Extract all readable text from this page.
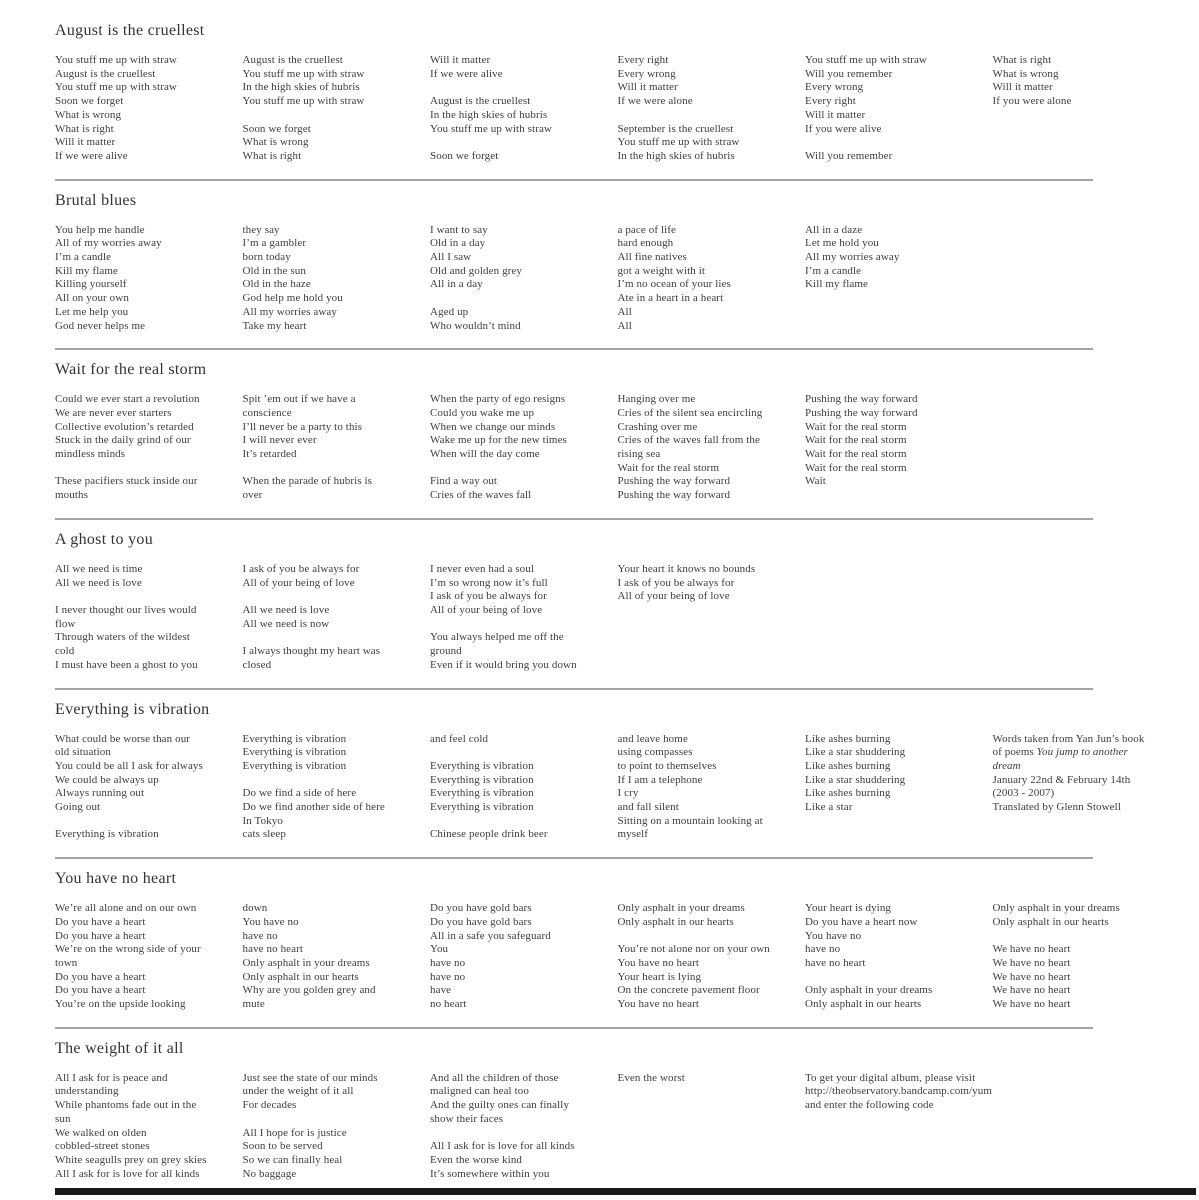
August is the cruellest
You stuff me up with straw
August is the cruellest
You stuff me up with straw
Soon we forget
What is wrong
What is right
Will it matter
If we were alive
August is the cruellest
You stuff me up with straw
In the high skies of hubris
You stuff me up with straw
Soon we forget
What is wrong
What is right
Will it matter
If we were alive
August is the cruellest
In the high skies of hubris
You stuff me up with straw
Soon we forget
Every right
Every wrong
Will it matter
If we were alone
September is the cruellest
You stuff me up with straw
In the high skies of hubris
You stuff me up with straw
Will you remember
Every wrong
Every right
Will it matter
If you were alive
Will you remember
What is right
What is wrong
Will it matter
If you were alone
Brutal blues
You help me handle
All of my worries away
I’m a candle
Kill my flame
Killing yourself
All on your own
Let me help you
God never helps me
they say
I’m a gambler
born today
Old in the sun
Old in the haze
God help me hold you
All my worries away
Take my heart
I want to say
Old in a day
All I saw
Old and golden grey
All in a day
Aged up
Who wouldn’t mind
a pace of life
hard enough
All fine natives
got a weight with it
I’m no ocean of your lies
Ate in a heart in a heart
All
All
All in a daze
Let me hold you
All my worries away
I’m a candle
Kill my flame
Wait for the real storm
Could we ever start a revolution
We are never ever starters
Collective evolution’s retarded
Stuck in the daily grind of our
mindless minds
These pacifiers stuck inside our
mouths
Spit ’em out if we have a
conscience
I’ll never be a party to this
I will never ever
It’s retarded
When the parade of hubris is
over
When the party of ego resigns
Could you wake me up
When we change our minds
Wake me up for the new times
When will the day come
Find a way out
Cries of the waves fall
Hanging over me
Cries of the silent sea encircling
Crashing over me
Cries of the waves fall from the
rising sea
Wait for the real storm
Pushing the way forward
Pushing the way forward
Pushing the way forward
Pushing the way forward
Wait for the real storm
Wait for the real storm
Wait for the real storm
Wait for the real storm
Wait
A ghost to you
All we need is time
All we need is love
I never thought our lives would
flow
Through waters of the wildest
cold
I must have been a ghost to you
I ask of you be always for
All of your being of love
All we need is love
All we need is now
I always thought my heart was
closed
I never even had a soul
I’m so wrong now it’s full
I ask of you be always for
All of your being of love
You always helped me off the
ground
Even if it would bring you down
Your heart it knows no bounds
I ask of you be always for
All of your being of love
Everything is vibration
What could be worse than our
old situation
You could be all I ask for always
We could be always up
Always running out
Going out
Everything is vibration
Everything is vibration
Everything is vibration
Everything is vibration
Do we find a side of here
Do we find another side of here
In Tokyo
cats sleep
and feel cold
Everything is vibration
Everything is vibration
Everything is vibration
Everything is vibration
Chinese people drink beer
and leave home
using compasses
to point to themselves
If I am a telephone
I cry
and fall silent
Sitting on a mountain looking at
myself
Like ashes burning
Like a star shuddering
Like ashes burning
Like a star shuddering
Like ashes burning
Like a star
Words taken from Yan Jun’s book
of poems You jump to another
dream
January 22nd & February 14th
(2003 - 2007)
Translated by Glenn Stowell
You have no heart
We’re all alone and on our own
Do you have a heart
Do you have a heart
We’re on the wrong side of your
town
Do you have a heart
Do you have a heart
You’re on the upside looking
down
You have no
have no
have no heart
Only asphalt in your dreams
Only asphalt in our hearts
Why are you golden grey and
mute
Do you have gold bars
Do you have gold bars
All in a safe you safeguard
You
have no
have no
have
no heart
Only asphalt in your dreams
Only asphalt in our hearts
You’re not alone nor on your own
You have no heart
Your heart is lying
On the concrete pavement floor
You have no heart
Your heart is dying
Do you have a heart now
You have no
have no
have no heart
Only asphalt in your dreams
Only asphalt in our hearts
Only asphalt in your dreams
Only asphalt in our hearts
We have no heart
We have no heart
We have no heart
We have no heart
We have no heart
The weight of it all
All I ask for is peace and
understanding
While phantoms fade out in the
sun
We walked on olden
cobbled-street stones
White seagulls prey on grey skies
All I ask for is love for all kinds
Just see the state of our minds
under the weight of it all
For decades
All I hope for is justice
Soon to be served
So we can finally heal
No baggage
And all the children of those
maligned can heal too
And the guilty ones can finally
show their faces
All I ask for is love for all kinds
Even the worse kind
It’s somewhere within you
Even the worst	To get your digital album, please visit
http://theobservatory.bandcamp.com/yum
and enter the following code
